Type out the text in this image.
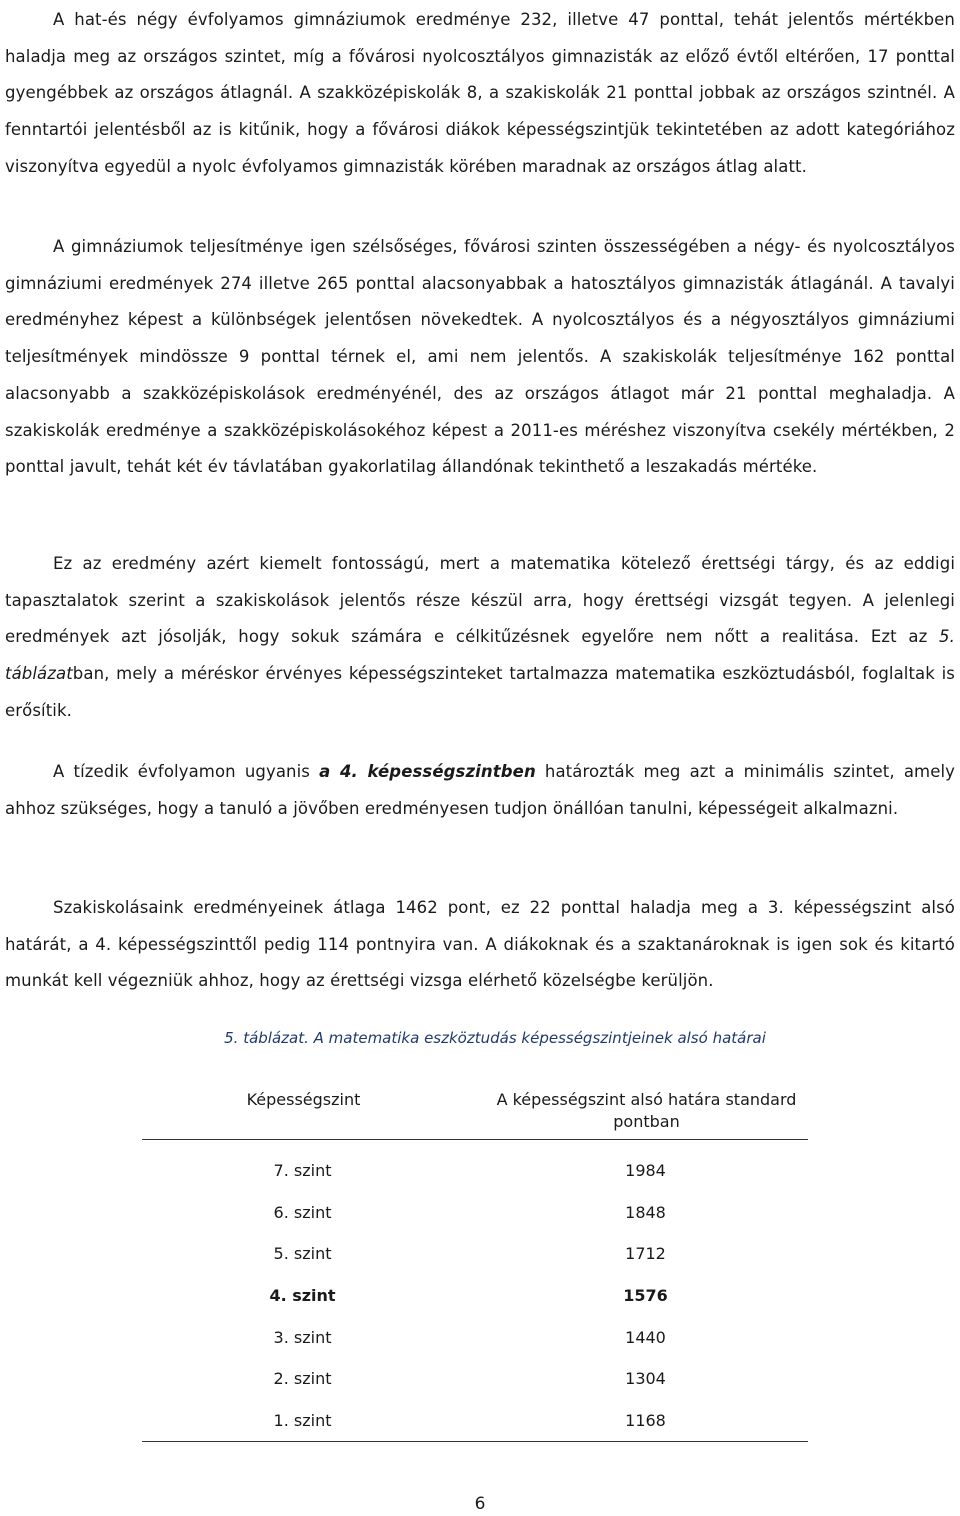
A hat-és négy évfolyamos gimnáziumok eredménye 232, illetve 47 ponttal, tehát jelentős mértékben haladja meg az országos szintet, míg a fővárosi nyolcosztályos gimnazisták az előző évtől eltérően, 17 ponttal gyengébbek az országos átlagnál. A szakközépiskolák 8, a szakiskolák 21 ponttal jobbak az országos szintnél. A fenntartói jelentésből az is kitűnik, hogy a fővárosi diákok képességszintjük tekintetében az adott kategóriához viszonyítva egyedül a nyolc évfolyamos gimnazisták körében maradnak az országos átlag alatt.

A gimnáziumok teljesítménye igen szélsőséges, fővárosi szinten összességében a négy- és nyolcosztályos gimnáziumi eredmények 274 illetve 265 ponttal alacsonyabbak a hatosztályos gimnazisták átlagánál. A tavalyi eredményhez képest a különbségek jelentősen növekedtek. A nyolcosztályos és a négyosztályos gimnáziumi teljesítmények mindössze 9 ponttal térnek el, ami nem jelentős. A szakiskolák teljesítménye 162 ponttal alacsonyabb a szakközépiskolások eredményénél, des az országos átlagot már 21 ponttal meghaladja. A szakiskolák eredménye a szakközépiskolásokéhoz képest a 2011-es méréshez viszonyítva csekély mértékben, 2 ponttal javult, tehát két év távlatában gyakorlatilag állandónak tekinthető a leszakadás mértéke.

Ez az eredmény azért kiemelt fontosságú, mert a matematika kötelező érettségi tárgy, és az eddigi tapasztalatok szerint a szakiskolások jelentős része készül arra, hogy érettségi vizsgát tegyen. A jelenlegi eredmények azt jósolják, hogy sokuk számára e célkitűzésnek egyelőre nem nőtt a realitása. Ezt az 5. táblázatban, mely a méréskor érvényes képességszinteket tartalmazza matematika eszköztudásból, foglaltak is erősítik.

A tízedik évfolyamon ugyanis a 4. képességszintben határozták meg azt a minimális szintet, amely ahhoz szükséges, hogy a tanuló a jövőben eredményesen tudjon önállóan tanulni, képességeit alkalmazni.

Szakiskolásaink eredményeinek átlaga 1462 pont, ez 22 ponttal haladja meg a 3. képességszint alsó határát, a 4. képességszinttől pedig 114 pontnyira van. A diákoknak és a szaktanároknak is igen sok és kitartó munkát kell végezniük ahhoz, hogy az érettségi vizsga elérhető közelségbe kerüljön.

5. táblázat. A matematika eszköztudás képességszintjeinek alsó határai
Képességszint	A képességszint alsó határa standard pontban
7. szint	1984
6. szint	1848
5. szint	1712
4. szint	1576
3. szint	1440
2. szint	1304
1. szint	1168
6
